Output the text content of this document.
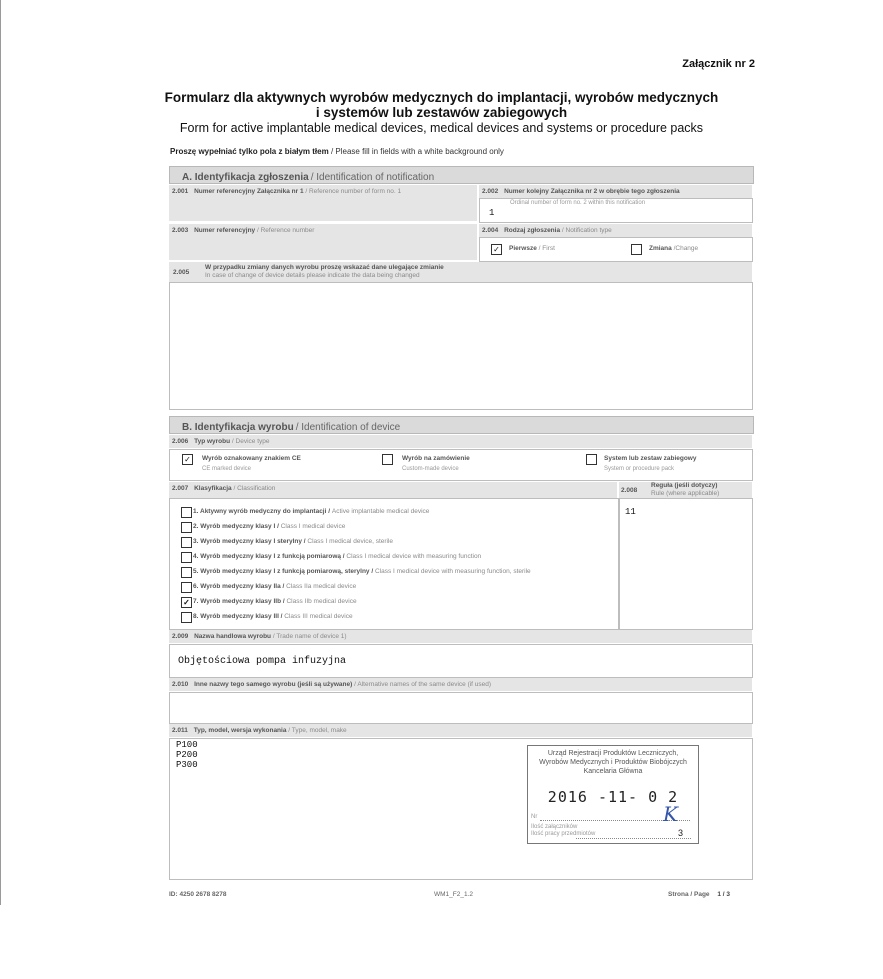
Załącznik nr 2
Formularz dla aktywnych wyrobów medycznych do implantacji, wyrobów medycznych
i systemów lub zestawów zabiegowych
Form for active implantable medical devices, medical devices and systems or procedure packs
Proszę wypełniać tylko pola z białym tłem / Please fill in fields with a white background only
A. Identyfikacja zgłoszenia / Identification of notification
2.001 Numer referencyjny Załącznika nr 1 / Reference number of form no. 1	2.002 Numer kolejny Załącznika nr 2 w obrębie tego zgłoszenia
Ordinal number of form no. 2 within this notification
1
2.003 Numer referencyjny / Reference number	2.004 Rodzaj zgłoszenia / Notification type
✓	Pierwsze / First	Zmiana /Change
2.005
W przypadku zmiany danych wyrobu proszę wskazać dane ulegające zmianie
In case of change of device details please indicate the data being changed
B. Identyfikacja wyrobu / Identification of device
2.006 Typ wyrobu / Device type
✓	Wyrób oznakowany znakiem CE
CE marked device
Wyrób na zamówienie
Custom-made device
System lub zestaw zabiegowy
System or procedure pack
2.007 Klasyfikacja / Classification
1. Aktywny wyrób medyczny do implantacji / Active implantable medical device
2. Wyrób medyczny klasy I / Class I medical device
3. Wyrób medyczny klasy I sterylny / Class I medical device, sterile
4. Wyrób medyczny klasy I z funkcją pomiarową / Class I medical device with measuring function
5. Wyrób medyczny klasy I z funkcją pomiarową, sterylny / Class I medical device with measuring function, sterile
6. Wyrób medyczny klasy IIa / Class IIa medical device
✓ 7. Wyrób medyczny klasy IIb / Class IIb medical device
8. Wyrób medyczny klasy III / Class III medical device
2.008
Reguła (jeśli dotyczy)
Rule (where applicable)
11
2.009 Nazwa handlowa wyrobu / Trade name of device 1)
Objętościowa pompa infuzyjna
2.010 Inne nazwy tego samego wyrobu (jeśli są używane) / Alternative names of the same device (if used)
2.011 Typ, model, wersja wykonania / Type, model, make
P100
P200
P300
Urząd Rejestracji Produktów Leczniczych,
Wyrobów Medycznych i Produktów Biobójczych
Kancelaria Główna
2016 -11- 0 2
Nr	K
Ilość załączników
Ilość pracy przedmiotów	3
ID: 4250 2678 8278	WM1_F2_1.2	Strona / Page 1 / 3
